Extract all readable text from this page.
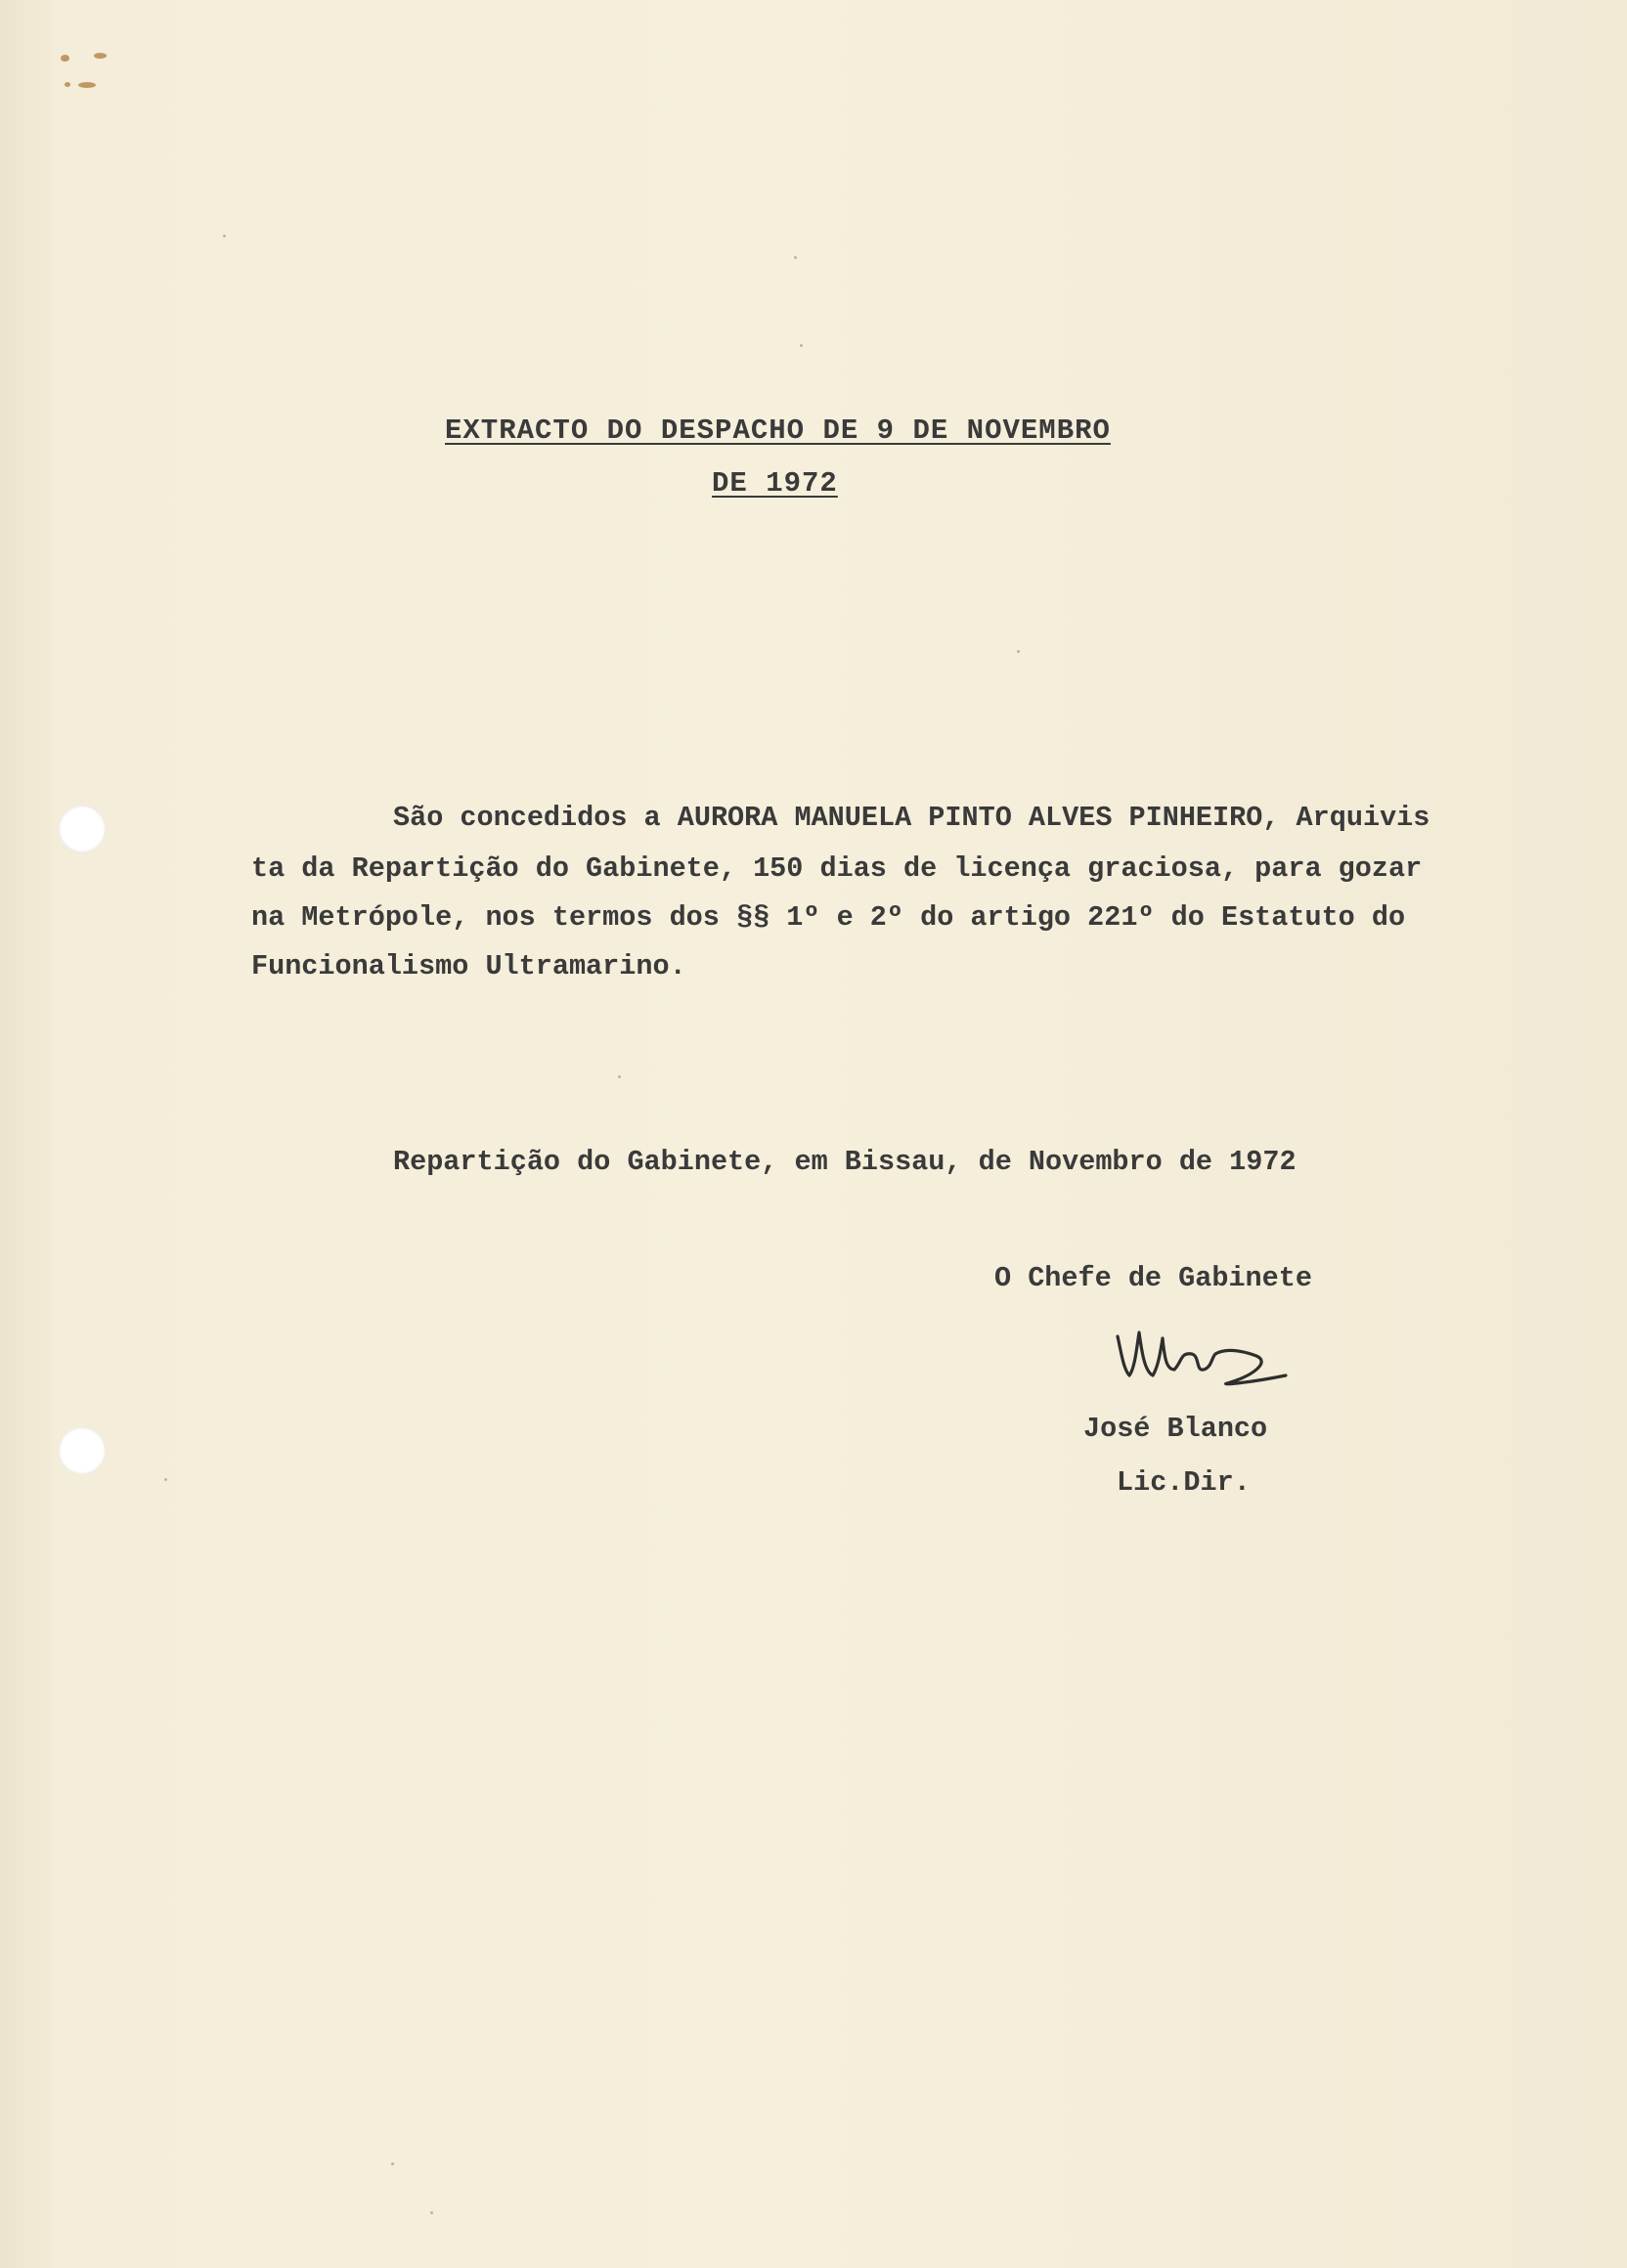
EXTRACTO DO DESPACHO DE 9 DE NOVEMBRO
DE 1972
São concedidos a AURORA MANUELA PINTO ALVES PINHEIRO, Arquivis
ta da Repartição do Gabinete, 150 dias de licença graciosa, para gozar
na Metrópole, nos termos dos §§ 1º e 2º do artigo 221º do Estatuto do
Funcionalismo Ultramarino.
Repartição do Gabinete, em Bissau, de Novembro de 1972
O Chefe de Gabinete
José Blanco
Lic.Dir.
